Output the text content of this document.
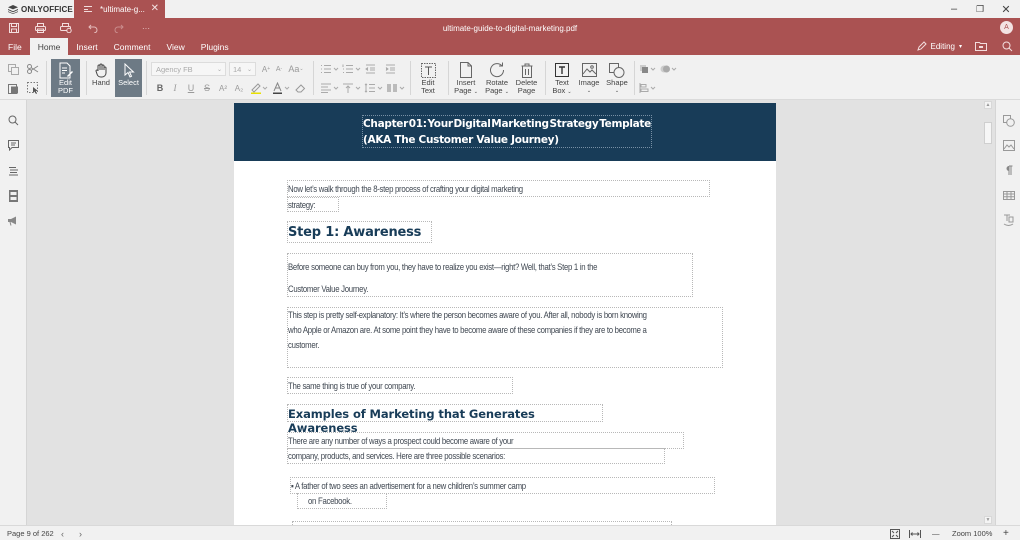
ONLYOFFICE	*ultimate-g... ✕	–	❐	✕
···	ultimate-guide-to-digital-marketing.pdf	A
File	Home	Insert	Comment	View	Plugins	Editing ▾
Edit
PDF
Hand Select
Agency FB	⌄ 14 ⌄ A + A - Aa ⌄
B	I	U	S	A² A₂
Edit
Text
Insert
Page ⌄
Rotate
Page ⌄
Delete
Page
Text
Box ⌄
Image
⌄
Shape
⌄
Chapter 01: Your Digital Marketing Strategy Template
(AKA The Customer Value Journey)
Now let’s walk through the 8-step process of crafting your digital marketing
strategy:
Step 1: Awareness
Before someone can buy from you, they have to realize you exist—right? Well, that’s Step 1 in the
Customer Value Journey.
This step is pretty self-explanatory: It’s where the person becomes aware of you. After all, nobody is born knowing
who Apple or Amazon are. At some point they have to become aware of these companies if they are to become a
customer.
The same thing is true of your company.
Examples of Marketing that Generates Awareness
There are any number of ways a prospect could become aware of your
company, products, and services. Here are three possible scenarios:
▪ A father of two sees an advertisement for a new children’s summer camp
on Facebook.
▲
▼
Page 9 of 262 ‹ ›	— Zoom 100% +
